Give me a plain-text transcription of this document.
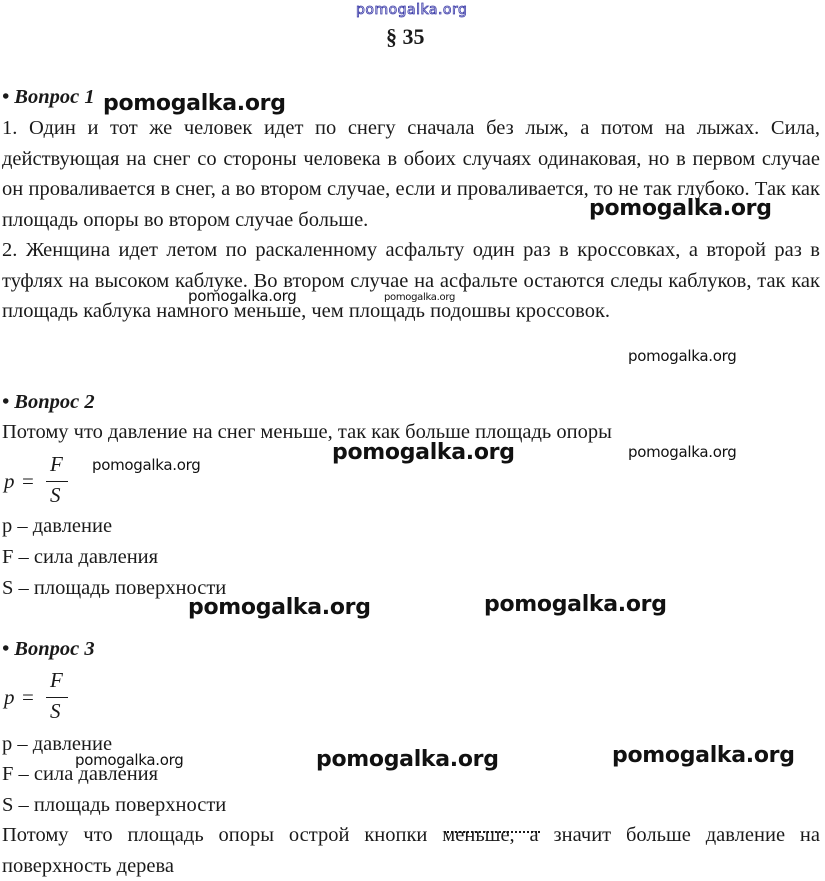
pomogalka.org
§ 35
• Вопрос 1
1. Один и тот же человек идет по снегу сначала без лыж, а потом на лыжах. Сила, действующая на снег со стороны человека в обоих случаях одинаковая, но в первом случае он проваливается в снег, а во втором случае, если и проваливается, то не так глубоко. Так как площадь опоры во втором случае больше.
2. Женщина идет летом по раскаленному асфальту один раз в кроссовках, а второй раз в туфлях на высоком каблуке. Во втором случае на асфальте остаются следы каблуков, так как площадь каблука намного меньше, чем площадь подошвы кроссовок.
• Вопрос 2
Потому что давление на снег меньше, так как больше площадь опоры
p =
F
S
p – давление
F – сила давления
S – площадь поверхности
• Вопрос 3
p =
F
S
p – давление
F – сила давления
S – площадь поверхности
Потому что площадь опоры острой кнопки меньше, а значит больше давление на поверхность дерева
pomogalka.org
pomogalka.org
pomogalka.org	pomogalka.org
pomogalka.org
pomogalka.org	pomogalka.org
pomogalka.org
pomogalka.org	pomogalka.org
pomogalka.org	pomogalka.org
pomogalka.org
